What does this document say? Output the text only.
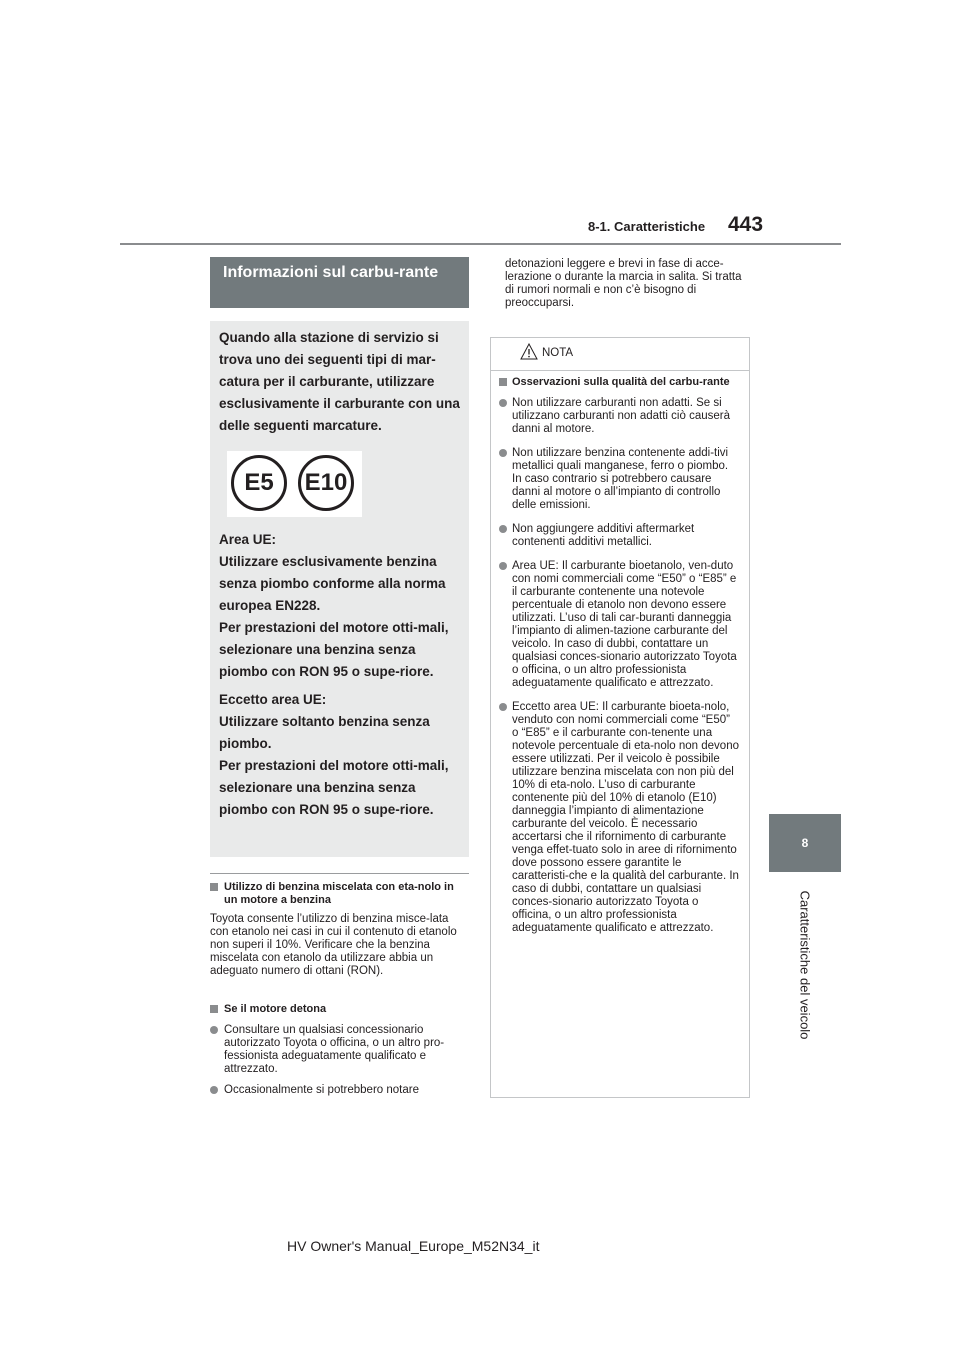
8-1. Caratteristiche 443
8
Caratteristiche del veicolo
Informazioni sul carbu-rante

Quando alla stazione di servizio si trova uno dei seguenti tipi di mar-catura per il carburante, utilizzare esclusivamente il carburante con una delle seguenti marcature.

E5	E10

Area UE:

Utilizzare esclusivamente benzina senza piombo conforme alla norma europea EN228.

Per prestazioni del motore otti-mali, selezionare una benzina senza piombo con RON 95 o supe-riore.

Eccetto area UE:

Utilizzare soltanto benzina senza piombo.

Per prestazioni del motore otti-mali, selezionare una benzina senza piombo con RON 95 o supe-riore.

Utilizzo di benzina miscelata con eta-nolo in un motore a benzina
Toyota consente l’utilizzo di benzina misce-lata con etanolo nei casi in cui il contenuto di etanolo non superi il 10%. Verificare che la benzina miscelata con etanolo da utilizzare abbia un adeguato numero di ottani (RON).
Se il motore detona
Consultare un qualsiasi concessionario autorizzato Toyota o officina, o un altro pro-fessionista adeguatamente qualificato e attrezzato.
Occasionalmente si potrebbero notare
detonazioni leggere e brevi in fase di acce-lerazione o durante la marcia in salita. Si tratta di rumori normali e non c’è bisogno di preoccuparsi.
NOTA
Osservazioni sulla qualità del carbu-rante
Non utilizzare carburanti non adatti. Se si utilizzano carburanti non adatti ciò causerà danni al motore.
Non utilizzare benzina contenente addi-tivi metallici quali manganese, ferro o piombo. In caso contrario si potrebbero causare danni al motore o all’impianto di controllo delle emissioni.
Non aggiungere additivi aftermarket contenenti additivi metallici.
Area UE: Il carburante bioetanolo, ven-duto con nomi commerciali come “E50” o “E85” e il carburante contenente una notevole percentuale di etanolo non devono essere utilizzati. L’uso di tali car-buranti danneggia l’impianto di alimen-tazione carburante del veicolo. In caso di dubbi, contattare un qualsiasi conces-sionario autorizzato Toyota o officina, o un altro professionista adeguatamente qualificato e attrezzato.
Eccetto area UE: Il carburante bioeta-nolo, venduto con nomi commerciali come “E50” o “E85” e il carburante con-tenente una notevole percentuale di eta-nolo non devono essere utilizzati. Per il veicolo è possibile utilizzare benzina miscelata con non più del 10% di eta-nolo. L’uso di carburante contenente più del 10% di etanolo (E10) danneggia l’impianto di alimentazione carburante del veicolo. È necessario accertarsi che il rifornimento di carburante venga effet-tuato solo in aree di rifornimento dove possono essere garantite le caratteristi-che e la qualità del carburante. In caso di dubbi, contattare un qualsiasi conces-sionario autorizzato Toyota o officina, o un altro professionista adeguatamente qualificato e attrezzato.
HV Owner's Manual_Europe_M52N34_it
